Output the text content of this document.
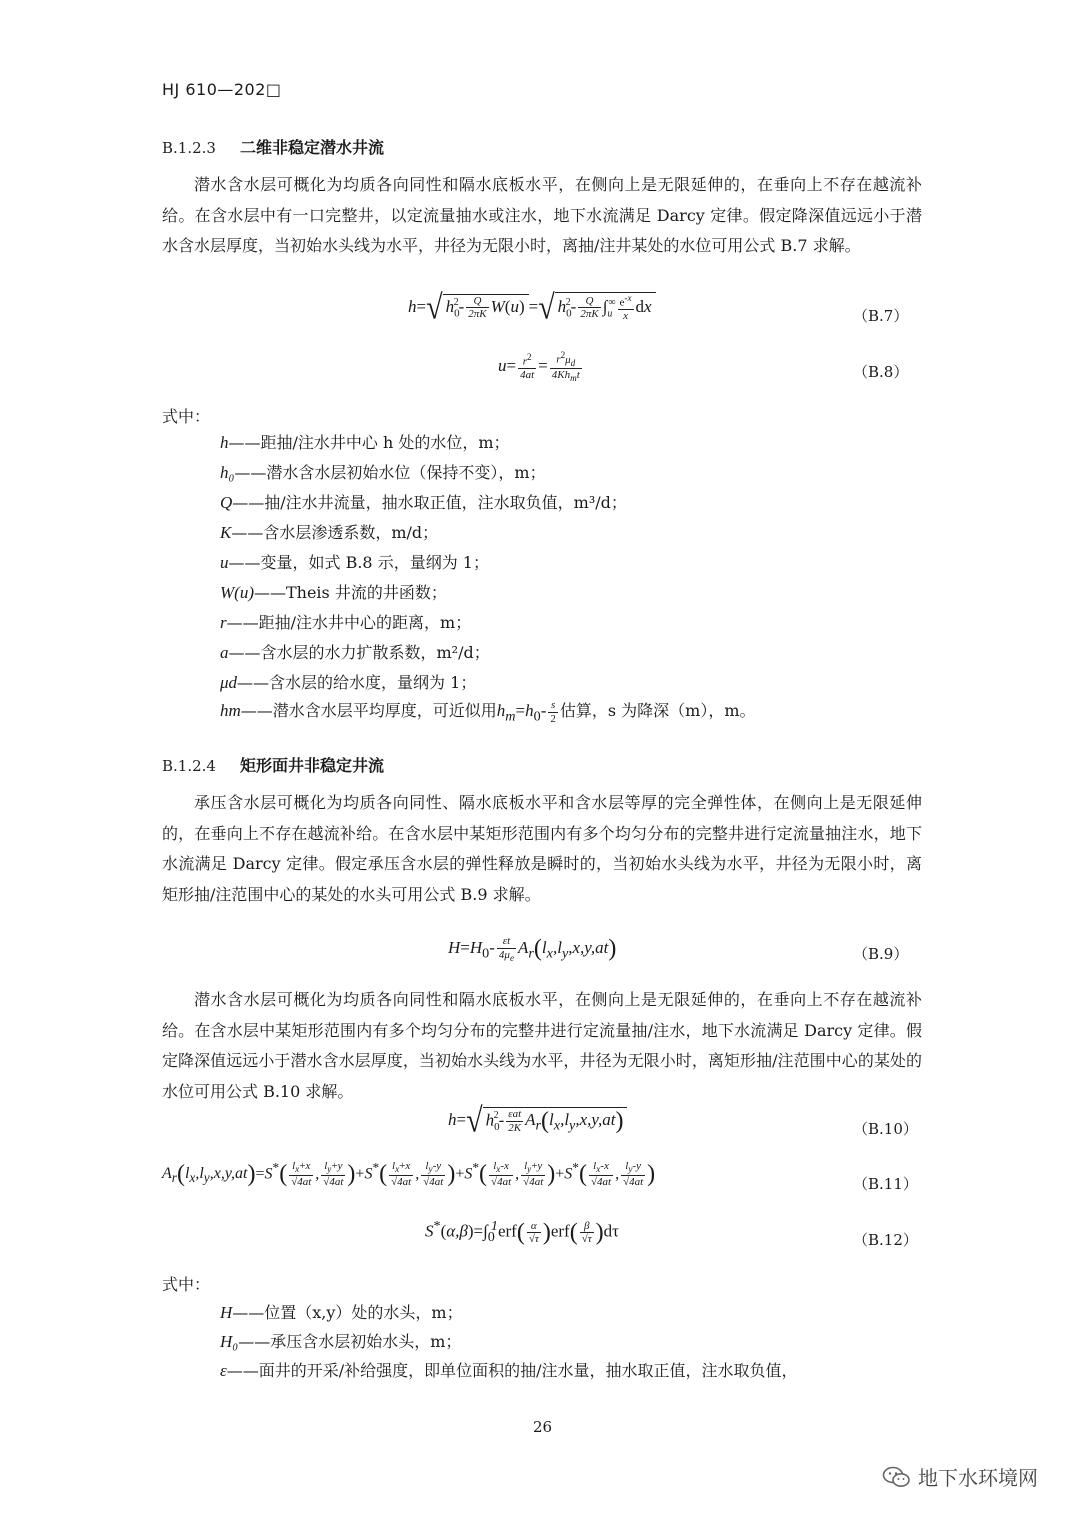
HJ 610—202□
B.1.2.3 二维非稳定潜水井流

潜水含水层可概化为均质各向同性和隔水底板水平，在侧向上是无限延伸的，在垂向上不存在越流补给。在含水层中有一口完整井，以定流量抽水或注水，地下水流满足 Darcy 定律。假定降深值远远小于潜水含水层厚度，当初始水头线为水平，井径为无限小时，离抽/注井某处的水位可用公式 B.7 求解。

h=√ $h_0^2- \frac{Q}{2\pi K} W(u)$ =√ $h_0^2- \frac{Q}{2\pi K} \int_u^\infty \frac{e^{-x}}{x}$ dx
（B.7）
$u= \frac{r^2}{4at} = \frac{r^2\mu_d}{4Kh_mt}$	（B.8）
式中：
h——距抽/注水井中心 h 处的水位，m；
h₀——潜水含水层初始水位（保持不变），m；
Q——抽/注水井流量，抽水取正值，注水取负值，m³/d；
K——含水层渗透系数，m/d；
u——变量，如式 B.8 示，量纲为 1；
W(u)——Theis 井流的井函数；
r——距抽/注水井中心的距离，m；
a——含水层的水力扩散系数，m²/d；
μd——含水层的给水度，量纲为 1；
hm——潜水含水层平均厚度，可近似用$h_m=h_0- \frac{s}{2}$ 估算，s 为降深（m），m。
B.1.2.4 矩形面井非稳定井流

承压含水层可概化为均质各向同性、隔水底板水平和含水层等厚的完全弹性体，在侧向上是无限延伸的，在垂向上不存在越流补给。在含水层中某矩形范围内有多个均匀分布的完整井进行定流量抽注水，地下水流满足 Darcy 定律。假定承压含水层的弹性释放是瞬时的，当初始水头线为水平，井径为无限小时，离矩形抽/注范围中心的某处的水头可用公式 B.9 求解。

$H=H_0- \frac{\varepsilon t}{4\mu_e} A_r(l_x,l_y,x,y,at)$	（B.9）

潜水含水层可概化为均质各向同性和隔水底板水平，在侧向上是无限延伸的，在垂向上不存在越流补给。在含水层中某矩形范围内有多个均匀分布的完整井进行定流量抽/注水，地下水流满足 Darcy 定律。假定降深值远远小于潜水含水层厚度，当初始水头线为水平，井径为无限小时，离矩形抽/注范围中心的某处的水位可用公式 B.10 求解。

h=√ $h_0^2- \frac{\text{εat}}{2K} A_r(l_x,l_y,x,y,at)$	（B.10）
$A_r(l_x,l_y,x,y,at)=S^*( \frac{l_x+x}{√4at}$ , $\frac{l_y+y}{√4at} )+S^*( \frac{l_x+x}{√4at}$ , $\frac{l_y-y}{√4at} )+S^*( \frac{l_x-x}{√4at}$ , $\frac{l_y+y}{√4at} )+S^*( \frac{l_x-x}{√4at}$ , $\frac{l_y-y}{√4at}$ )	（B.11）
$S^*(\alpha,\beta)=\int_0^1erf( \frac{\alpha}{√\tau} )erf( \frac{\beta}{√\tau} )d\tau$	（B.12）
式中：
H——位置（x,y）处的水头，m；
H₀——承压含水层初始水头，m；
ε——面井的开采/补给强度，即单位面积的抽/注水量，抽水取正值，注水取负值，
26
地下水环境网
